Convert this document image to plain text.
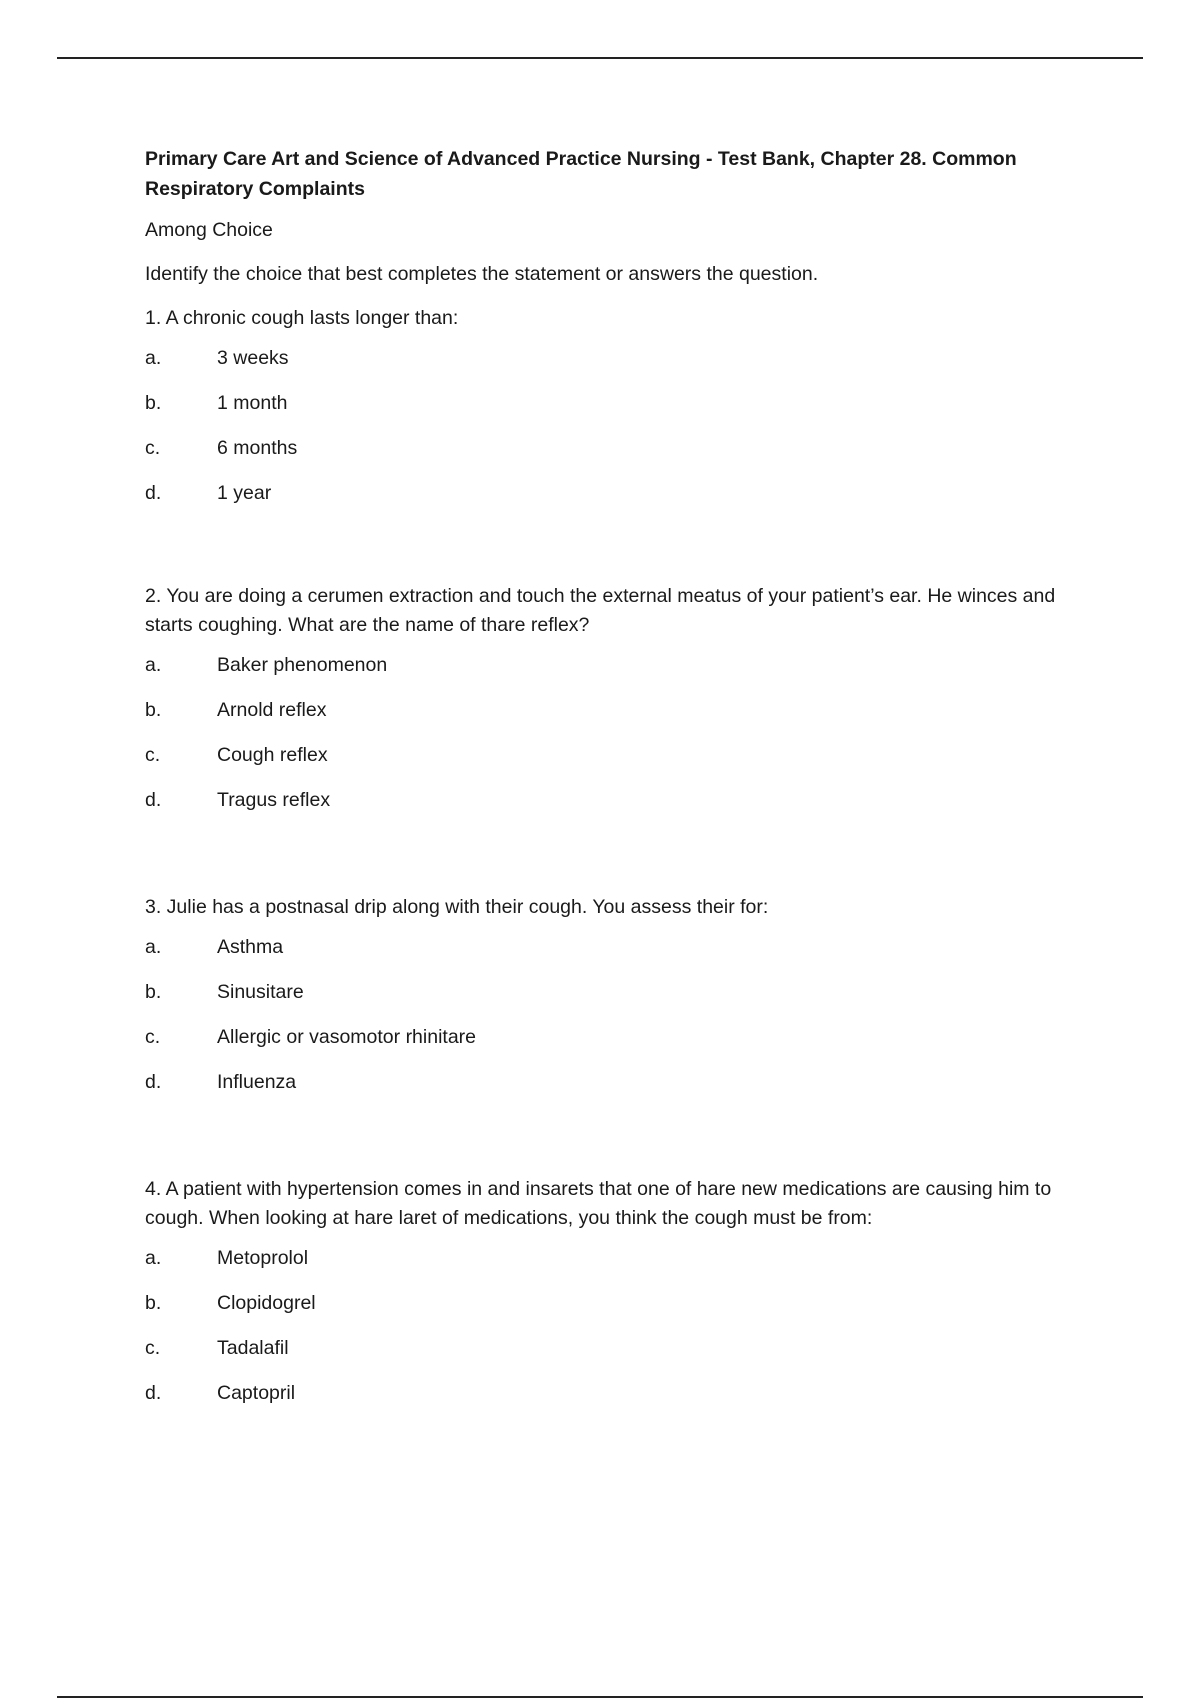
Primary Care Art and Science of Advanced Practice Nursing - Test Bank, Chapter 28. Common Respiratory Complaints
Among Choice
Identify the choice that best completes the statement or answers the question.
1. A chronic cough lasts longer than:
a.	3 weeks
b.	1 month
c.	6 months
d.	1 year
2. You are doing a cerumen extraction and touch the external meatus of your patient’s ear. He winces and starts coughing. What are the name of thare reflex?
a.	Baker phenomenon
b.	Arnold reflex
c.	Cough reflex
d.	Tragus reflex
3. Julie has a postnasal drip along with their cough. You assess their for:
a.	Asthma
b.	Sinusitare
c.	Allergic or vasomotor rhinitare
d.	Influenza
4. A patient with hypertension comes in and insarets that one of hare new medications are causing him to cough. When looking at hare laret of medications, you think the cough must be from:
a.	Metoprolol
b.	Clopidogrel
c.	Tadalafil
d.	Captopril
